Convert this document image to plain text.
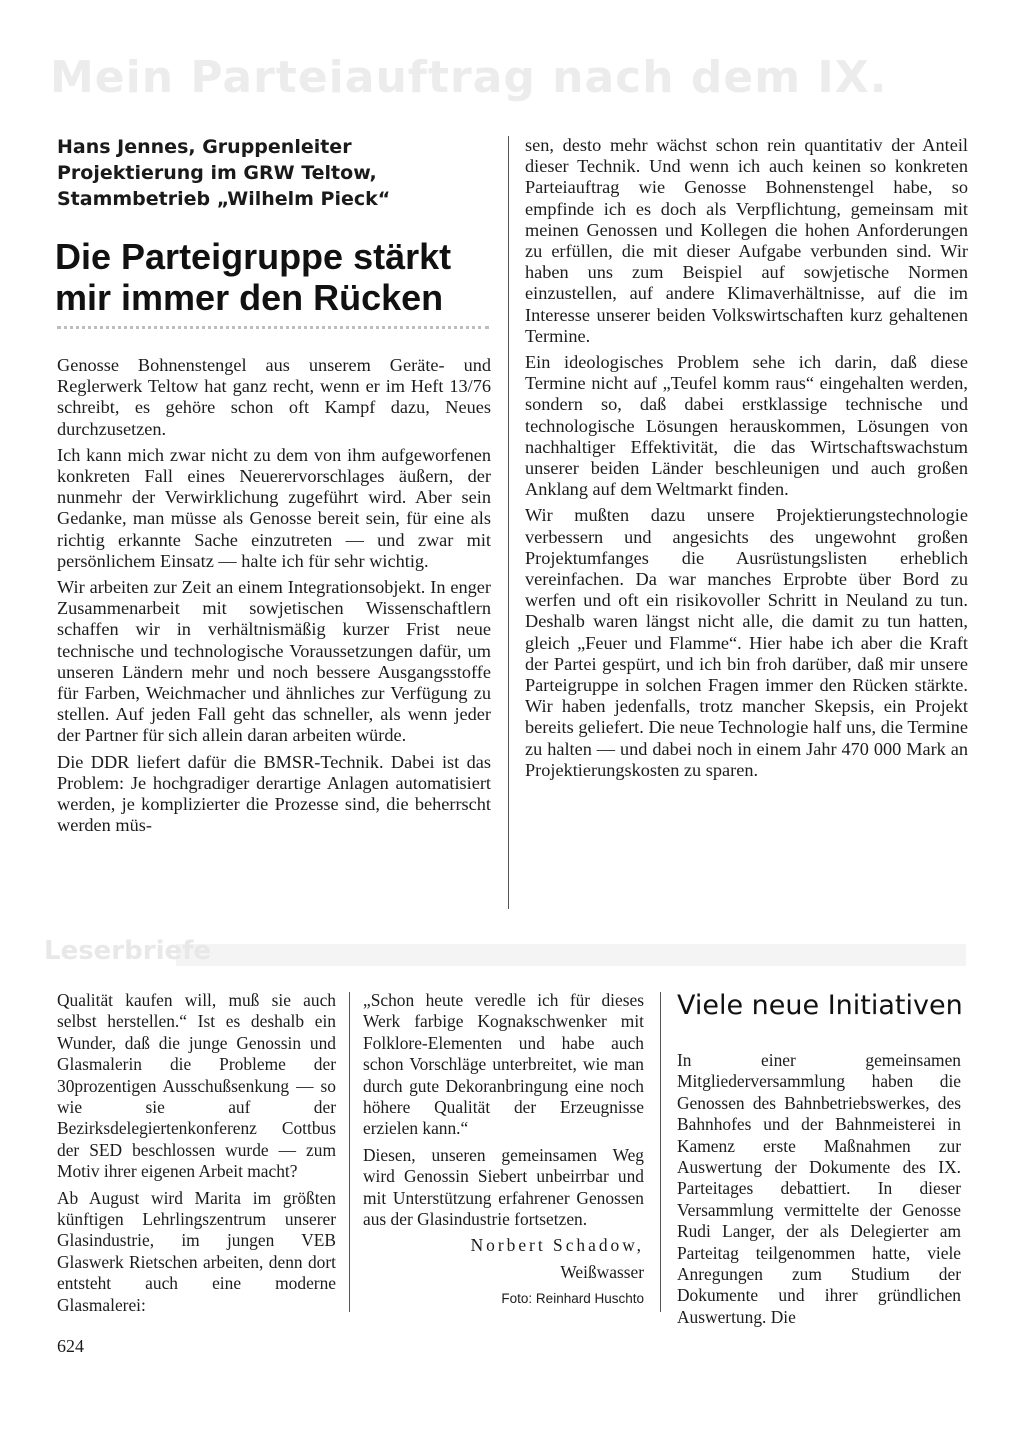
Mein Parteiauftrag nach dem IX.
Hans Jennes, Gruppenleiter Projektierung im GRW Teltow, Stammbetrieb „Wilhelm Pieck“
Die Parteigruppe stärkt mir immer den Rücken

Genosse Bohnenstengel aus unserem Geräte- und Reglerwerk Teltow hat ganz recht, wenn er im Heft 13/76 schreibt, es gehöre schon oft Kampf dazu, Neues durchzusetzen.

Ich kann mich zwar nicht zu dem von ihm aufgeworfenen konkreten Fall eines Neuerervorschlages äußern, der nunmehr der Verwirklichung zugeführt wird. Aber sein Gedanke, man müsse als Genosse bereit sein, für eine als richtig erkannte Sache einzutreten — und zwar mit persönlichem Einsatz — halte ich für sehr wichtig.

Wir arbeiten zur Zeit an einem Integrationsobjekt. In enger Zusammenarbeit mit sowjetischen Wissenschaftlern schaffen wir in verhältnismäßig kurzer Frist neue technische und technologische Voraussetzungen dafür, um unseren Ländern mehr und noch bessere Ausgangsstoffe für Farben, Weichmacher und ähnliches zur Verfügung zu stellen. Auf jeden Fall geht das schneller, als wenn jeder der Partner für sich allein daran arbeiten würde.

Die DDR liefert dafür die BMSR-Technik. Dabei ist das Problem: Je hochgradiger derartige Anlagen automatisiert werden, je komplizierter die Prozesse sind, die beherrscht werden müs-

sen, desto mehr wächst schon rein quantitativ der Anteil dieser Technik. Und wenn ich auch keinen so konkreten Parteiauftrag wie Genosse Bohnenstengel habe, so empfinde ich es doch als Verpflichtung, gemeinsam mit meinen Genossen und Kollegen die hohen Anforderungen zu erfüllen, die mit dieser Aufgabe verbunden sind. Wir haben uns zum Beispiel auf sowjetische Normen einzustellen, auf andere Klimaverhältnisse, auf die im Interesse unserer beiden Volkswirtschaften kurz gehaltenen Termine.

Ein ideologisches Problem sehe ich darin, daß diese Termine nicht auf „Teufel komm raus“ eingehalten werden, sondern so, daß dabei erstklassige technische und technologische Lösungen herauskommen, Lösungen von nachhaltiger Effektivität, die das Wirtschaftswachstum unserer beiden Länder beschleunigen und auch großen Anklang auf dem Weltmarkt finden.

Wir mußten dazu unsere Projektierungstechnologie verbessern und angesichts des ungewohnt großen Projektumfanges die Ausrüstungslisten erheblich vereinfachen. Da war manches Erprobte über Bord zu werfen und oft ein risikovoller Schritt in Neuland zu tun. Deshalb waren längst nicht alle, die damit zu tun hatten, gleich „Feuer und Flamme“. Hier habe ich aber die Kraft der Partei gespürt, und ich bin froh darüber, daß mir unsere Parteigruppe in solchen Fragen immer den Rücken stärkte. Wir haben jedenfalls, trotz mancher Skepsis, ein Projekt bereits geliefert. Die neue Technologie half uns, die Termine zu halten — und dabei noch in einem Jahr 470 000 Mark an Projektierungskosten zu sparen.

Leserbriefe

Qualität kaufen will, muß sie auch selbst herstellen.“ Ist es deshalb ein Wunder, daß die junge Genossin und Glasmalerin die Probleme der 30prozentigen Ausschußsenkung — so wie sie auf der Bezirksdelegiertenkonferenz Cottbus der SED beschlossen wurde — zum Motiv ihrer eigenen Arbeit macht?

Ab August wird Marita im größten künftigen Lehrlingszentrum unserer Glasindustrie, im jungen VEB Glaswerk Rietschen arbeiten, denn dort entsteht auch eine moderne Glasmalerei:

„Schon heute veredle ich für dieses Werk farbige Kognakschwenker mit Folklore-Elementen und habe auch schon Vorschläge unterbreitet, wie man durch gute Dekoranbringung eine noch höhere Qualität der Erzeugnisse erzielen kann.“

Diesen, unseren gemeinsamen Weg wird Genossin Siebert unbeirrbar und mit Unterstützung erfahrener Genossen aus der Glasindustrie fortsetzen.

Norbert Schadow,

Weißwasser

Foto: Reinhard Huschto

Viele neue Initiativen

In einer gemeinsamen Mitgliederversammlung haben die Genossen des Bahnbetriebswerkes, des Bahnhofes und der Bahnmeisterei in Kamenz erste Maßnahmen zur Auswertung der Dokumente des IX. Parteitages debattiert. In dieser Versammlung vermittelte der Genosse Rudi Langer, der als Delegierter am Parteitag teilgenommen hatte, viele Anregungen zum Studium der Dokumente und ihrer gründlichen Auswertung. Die

624
